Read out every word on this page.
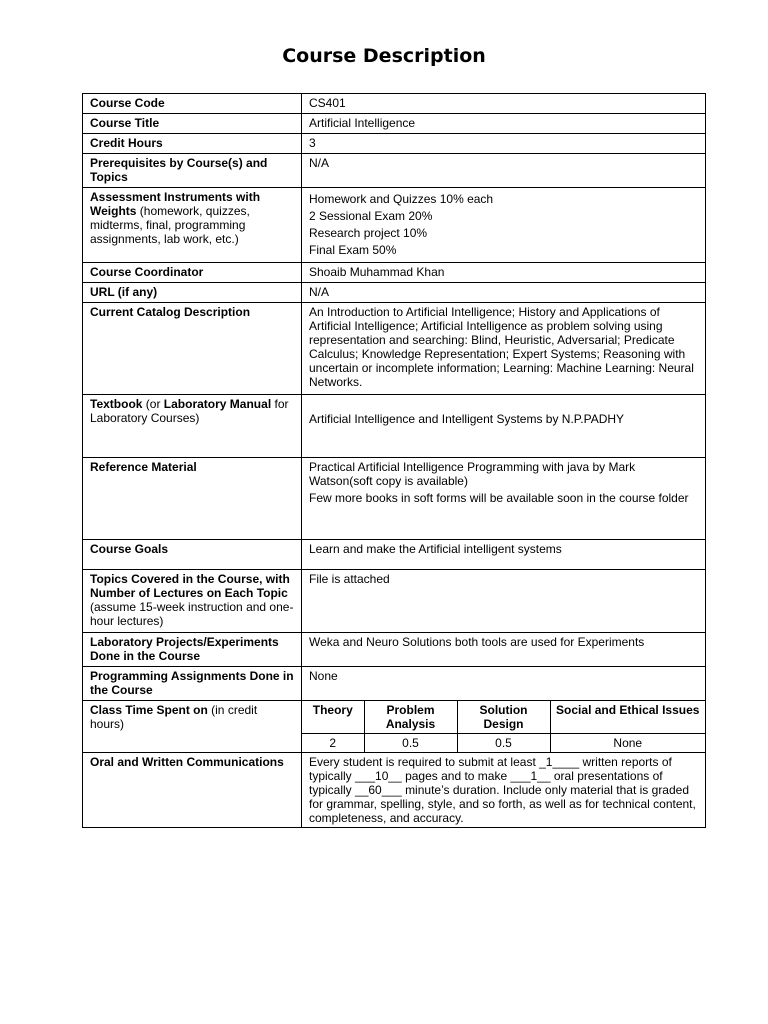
Course Description
Course Code	CS401
Course Title	Artificial Intelligence
Credit Hours	3
Prerequisites by Course(s) and Topics	N/A
Assessment Instruments with Weights (homework, quizzes, midterms, final, programming assignments, lab work, etc.)	
Homework and Quizzes 10% each
2 Sessional Exam 20%
Research project 10%
Final Exam 50%

Course Coordinator	Shoaib Muhammad Khan
URL (if any)	N/A
Current Catalog Description	An Introduction to Artificial Intelligence; History and Applications of Artificial Intelligence; Artificial Intelligence as problem solving using representation and searching: Blind, Heuristic, Adversarial; Predicate Calculus; Knowledge Representation; Expert Systems; Reasoning with uncertain or incomplete information; Learning: Machine Learning: Neural Networks.
Textbook (or Laboratory Manual for Laboratory Courses)	Artificial Intelligence and Intelligent Systems by N.P.PADHY
Reference Material	Practical Artificial Intelligence Programming with java by Mark Watson(soft copy is available)
Few more books in soft forms will be available soon in the course folder

Course Goals	Learn and make the Artificial intelligent systems
Topics Covered in the Course, with Number of Lectures on Each Topic (assume 15-week instruction and one-hour lectures)	File is attached
Laboratory Projects/Experiments Done in the Course	Weka and Neuro Solutions both tools are used for Experiments
Programming Assignments Done in the Course	None
Class Time Spent on (in credit hours)	
Theory	Problem Analysis	Solution Design	Social and Ethical Issues
2	0.5	0.5	None

Oral and Written Communications	Every student is required to submit at least _1____ written reports of typically ___10__ pages and to make ___1__ oral presentations of typically __60___ minute’s duration. Include only material that is graded for grammar, spelling, style, and so forth, as well as for technical content, completeness, and accuracy.
